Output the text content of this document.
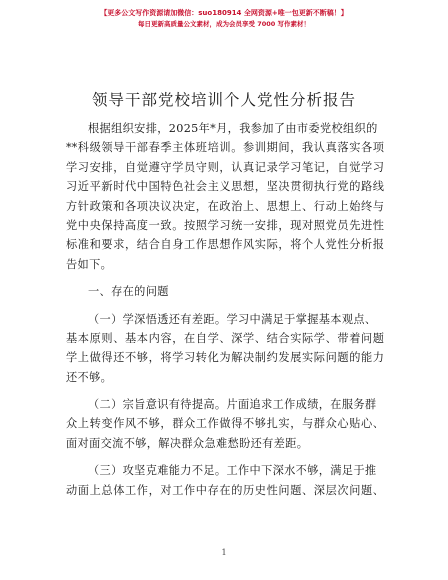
【更多公文写作资源请加微信：suo180914 全网资源+唯一包更新不断稿！】
每日更新高质量公文素材，成为会员享受 7000 写作素材！
领导干部党校培训个人党性分析报告
根据组织安排，2025年*月，我参加了由市委党校组织的
**科级领导干部春季主体班培训。参训期间，我认真落实各项
学习安排，自觉遵守学员守则，认真记录学习笔记，自觉学习
习近平新时代中国特色社会主义思想，坚决贯彻执行党的路线
方针政策和各项决议决定，在政治上、思想上、行动上始终与
党中央保持高度一致。按照学习统一安排，现对照党员先进性
标准和要求，结合自身工作思想作风实际，将个人党性分析报
告如下。
一、存在的问题
（一）学深悟透还有差距。学习中满足于掌握基本观点、
基本原则、基本内容，在自学、深学、结合实际学、带着问题
学上做得还不够，将学习转化为解决制约发展实际问题的能力
还不够。
（二）宗旨意识有待提高。片面追求工作成绩，在服务群
众上转变作风不够，群众工作做得不够扎实，与群众心贴心、
面对面交流不够，解决群众急难愁盼还有差距。
（三）攻坚克难能力不足。工作中下深水不够，满足于推
动面上总体工作，对工作中存在的历史性问题、深层次问题、
1
